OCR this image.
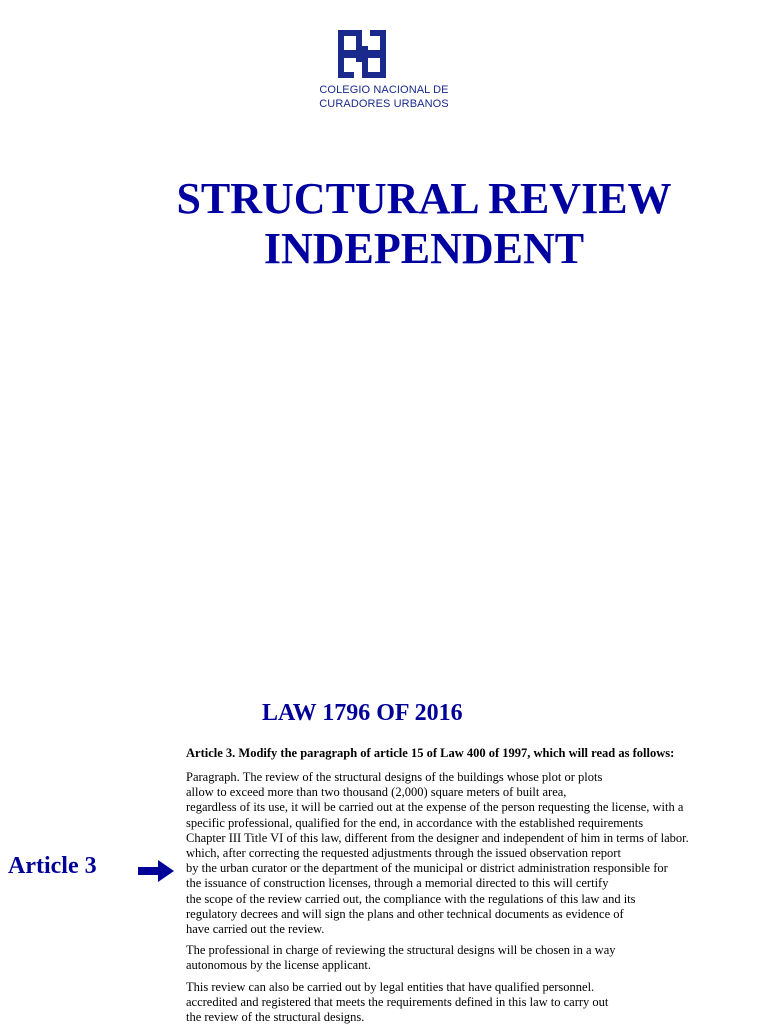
COLEGIO NACIONAL DE
CURADORES URBANOS
STRUCTURAL REVIEW
INDEPENDENT
LAW 1796 OF 2016
Article 3
Article 3. Modify the paragraph of article 15 of Law 400 of 1997, which will read as follows:

Paragraph. The review of the structural designs of the buildings whose plot or plots
allow to exceed more than two thousand (2,000) square meters of built area,
regardless of its use, it will be carried out at the expense of the person requesting the license, with a
specific professional, qualified for the end, in accordance with the established requirements
Chapter III Title VI of this law, different from the designer and independent of him in terms of labor.
which, after correcting the requested adjustments through the issued observation report
by the urban curator or the department of the municipal or district administration responsible for
the issuance of construction licenses, through a memorial directed to this will certify
the scope of the review carried out, the compliance with the regulations of this law and its
regulatory decrees and will sign the plans and other technical documents as evidence of
have carried out the review.

The professional in charge of reviewing the structural designs will be chosen in a way
autonomous by the license applicant.

This review can also be carried out by legal entities that have qualified personnel.
accredited and registered that meets the requirements defined in this law to carry out
the review of the structural designs.
